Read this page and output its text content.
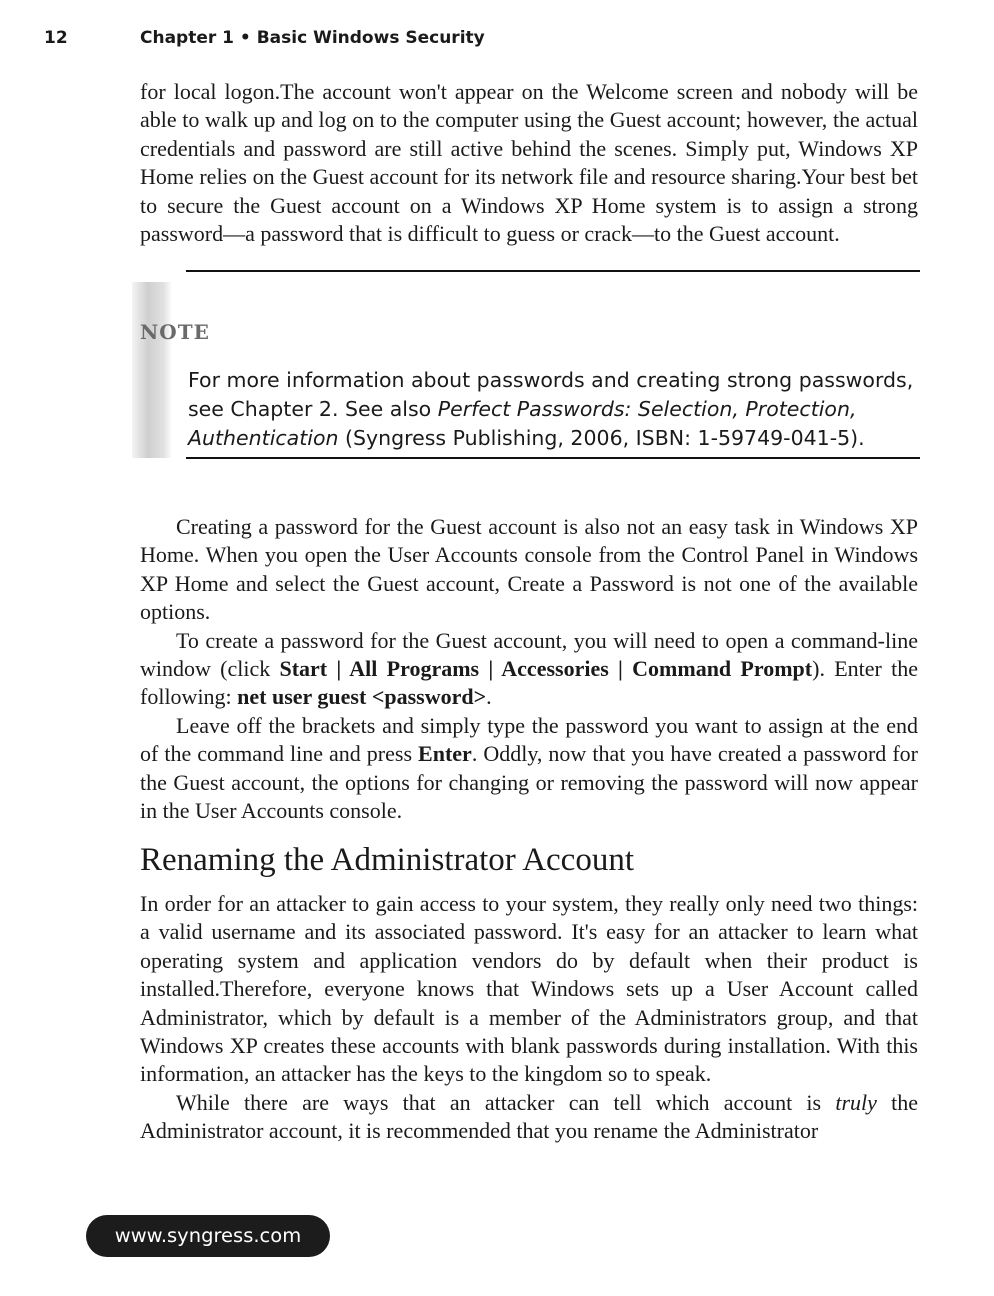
12	Chapter 1 • Basic Windows Security

for local logon.The account won't appear on the Welcome screen and nobody will be able to walk up and log on to the computer using the Guest account; however, the actual credentials and password are still active behind the scenes. Simply put, Windows XP Home relies on the Guest account for its network file and resource sharing.Your best bet to secure the Guest account on a Windows XP Home system is to assign a strong password—a password that is difficult to guess or crack—to the Guest account.

NOTE

For more information about passwords and creating strong passwords, see Chapter 2. See also Perfect Passwords: Selection, Protection, Authentication (Syngress Publishing, 2006, ISBN: 1-59749-041-5).

Creating a password for the Guest account is also not an easy task in Windows XP Home. When you open the User Accounts console from the Control Panel in Windows XP Home and select the Guest account, Create a Password is not one of the available options.

To create a password for the Guest account, you will need to open a command-line window (click Start | All Programs | Accessories | Command Prompt). Enter the following: net user guest <password>.

Leave off the brackets and simply type the password you want to assign at the end of the command line and press Enter. Oddly, now that you have created a password for the Guest account, the options for changing or removing the password will now appear in the User Accounts console.

Renaming the Administrator Account

In order for an attacker to gain access to your system, they really only need two things: a valid username and its associated password. It's easy for an attacker to learn what operating system and application vendors do by default when their product is installed.Therefore, everyone knows that Windows sets up a User Account called Administrator, which by default is a member of the Administrators group, and that Windows XP creates these accounts with blank passwords during installation. With this information, an attacker has the keys to the kingdom so to speak.

While there are ways that an attacker can tell which account is truly the Administrator account, it is recommended that you rename the Administrator

www.syngress.com
